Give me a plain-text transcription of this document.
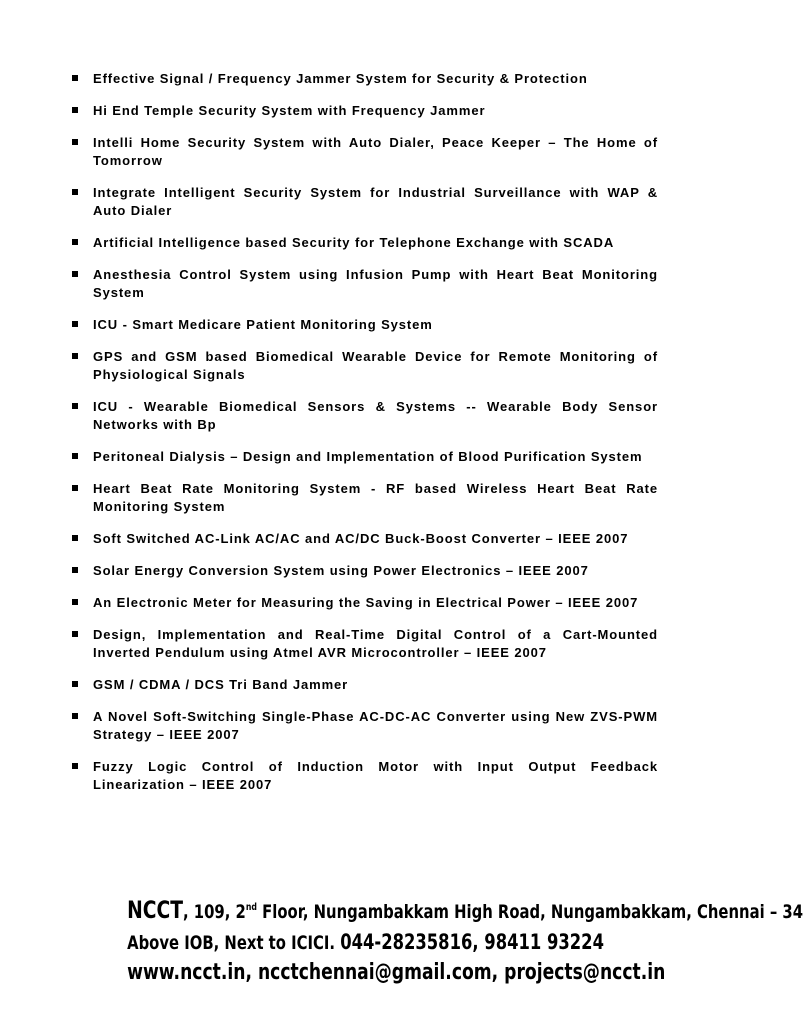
Effective Signal / Frequency Jammer System for Security & Protection
Hi End Temple Security System with Frequency Jammer
Intelli Home Security System with Auto Dialer, Peace Keeper – The Home of Tomorrow
Integrate Intelligent Security System for Industrial Surveillance with WAP & Auto Dialer
Artificial Intelligence based Security for Telephone Exchange with SCADA
Anesthesia Control System using Infusion Pump with Heart Beat Monitoring System
ICU - Smart Medicare Patient Monitoring System
GPS and GSM based Biomedical Wearable Device for Remote Monitoring of Physiological Signals
ICU - Wearable Biomedical Sensors & Systems -- Wearable Body Sensor Networks with Bp
Peritoneal Dialysis – Design and Implementation of Blood Purification System
Heart Beat Rate Monitoring System - RF based Wireless Heart Beat Rate Monitoring System
Soft Switched AC-Link AC/AC and AC/DC Buck-Boost Converter – IEEE 2007
Solar Energy Conversion System using Power Electronics – IEEE 2007
An Electronic Meter for Measuring the Saving in Electrical Power – IEEE 2007
Design, Implementation and Real-Time Digital Control of a Cart-Mounted Inverted Pendulum using Atmel AVR Microcontroller – IEEE 2007
GSM / CDMA / DCS Tri Band Jammer
A Novel Soft-Switching Single-Phase AC-DC-AC Converter using New ZVS-PWM Strategy – IEEE 2007
Fuzzy Logic Control of Induction Motor with Input Output Feedback Linearization – IEEE 2007
NCCT, 109, 2nd Floor, Nungambakkam High Road, Nungambakkam, Chennai – 34
Above IOB, Next to ICICI. 044-28235816, 98411 93224
www.ncct.in, ncctchennai@gmail.com, projects@ncct.in
